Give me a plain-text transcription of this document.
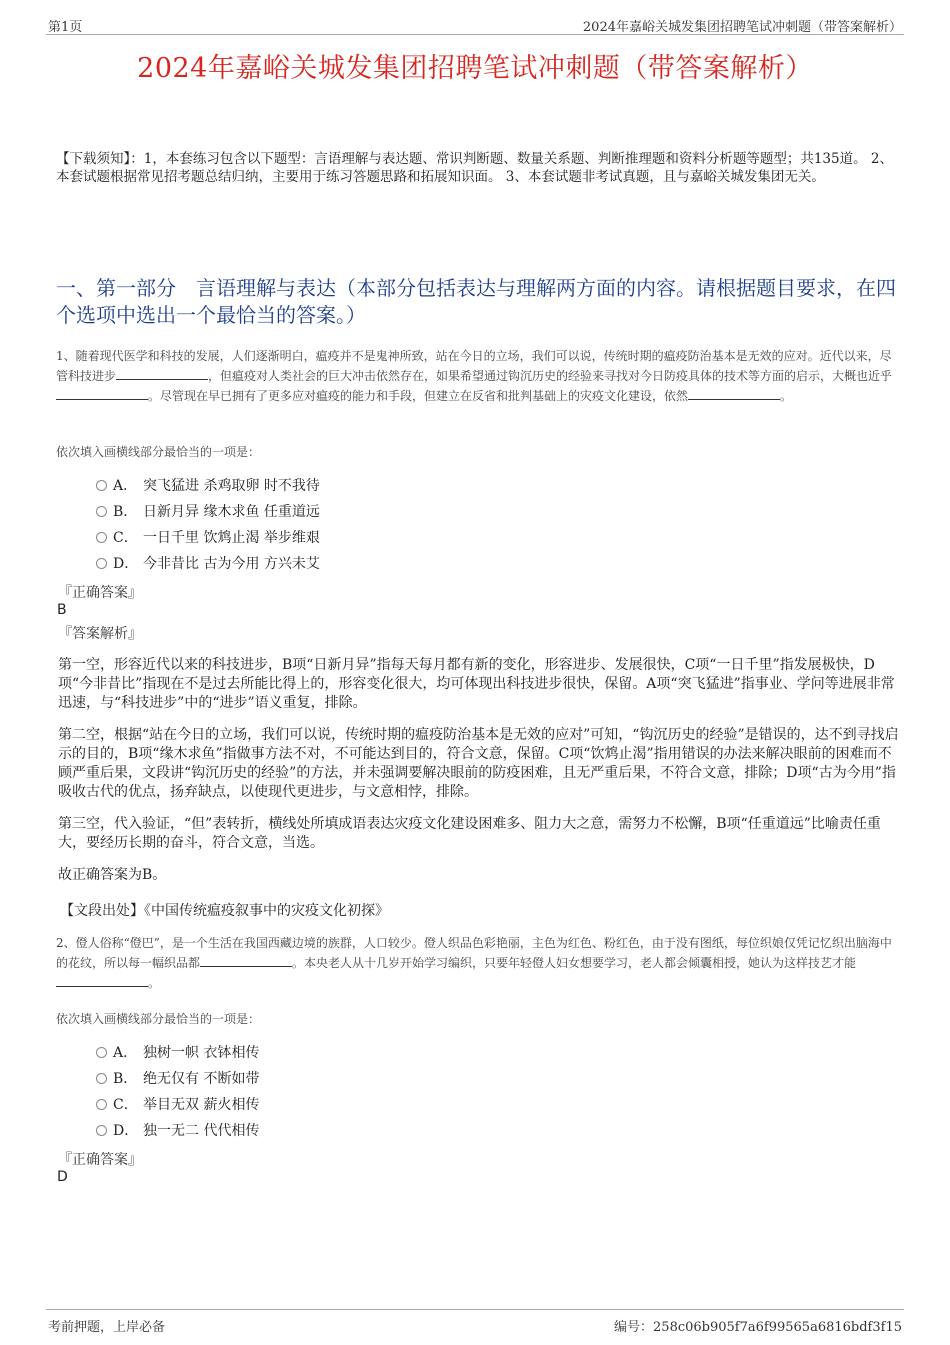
第1页	2024年嘉峪关城发集团招聘笔试冲刺题（带答案解析）
2024年嘉峪关城发集团招聘笔试冲刺题（带答案解析）
【下载须知】：1，本套练习包含以下题型：言语理解与表达题、常识判断题、数量关系题、判断推理题和资料分析题等题型；共135道。 2、本套试题根据常见招考题总结归纳，主要用于练习答题思路和拓展知识面。 3、本套试题非考试真题，且与嘉峪关城发集团无关。
一、第一部分　言语理解与表达（本部分包括表达与理解两方面的内容。请根据题目要求，在四个选项中选出一个最恰当的答案。）
1、随着现代医学和科技的发展，人们逐渐明白，瘟疫并不是鬼神所致，站在今日的立场，我们可以说，传统时期的瘟疫防治基本是无效的应对。近代以来，尽管科技进步	，但瘟疫对人类社会的巨大冲击依然存在，如果希望通过钩沉历史的经验来寻找对今日防疫具体的技术等方面的启示，大概也近乎。尽管现在早已拥有了更多应对瘟疫的能力和手段，但建立在反省和批判基础上的灾疫文化建设，依然	。
依次填入画横线部分最恰当的一项是：
A． 突飞猛进 杀鸡取卵 时不我待
B． 日新月异 缘木求鱼 任重道远
C． 一日千里 饮鸩止渴 举步维艰
D． 今非昔比 古为今用 方兴未艾
『正确答案』
B
『答案解析』

第一空，形容近代以来的科技进步，B项“日新月异”指每天每月都有新的变化，形容进步、发展很快，C项“一日千里”指发展极快，D项“今非昔比”指现在不是过去所能比得上的，形容变化很大，均可体现出科技进步很快，保留。A项“突飞猛进”指事业、学问等进展非常迅速，与“科技进步”中的“进步”语义重复，排除。

第二空，根据“站在今日的立场，我们可以说，传统时期的瘟疫防治基本是无效的应对”可知，“钩沉历史的经验”是错误的，达不到寻找启示的目的，B项“缘木求鱼”指做事方法不对，不可能达到目的，符合文意，保留。C项“饮鸩止渴”指用错误的办法来解决眼前的困难而不顾严重后果，文段讲“钩沉历史的经验”的方法，并未强调要解决眼前的防疫困难，且无严重后果，不符合文意，排除；D项“古为今用”指吸收古代的优点，扬弃缺点，以使现代更进步，与文意相悖，排除。

第三空，代入验证，“但”表转折，横线处所填成语表达灾疫文化建设困难多、阻力大之意，需努力不松懈，B项“任重道远”比喻责任重大，要经历长期的奋斗，符合文意，当选。

故正确答案为B。

【文段出处】《中国传统瘟疫叙事中的灾疫文化初探》
2、僜人俗称“僜巴”，是一个生活在我国西藏边境的族群，人口较少。僜人织品色彩艳丽，主色为红色、粉红色，由于没有图纸，每位织娘仅凭记忆织出脑海中的花纹，所以每一幅织品都	。本央老人从十几岁开始学习编织，只要年轻僜人妇女想要学习，老人都会倾囊相授，她认为这样技艺才能。
依次填入画横线部分最恰当的一项是：
A． 独树一帜 衣钵相传
B． 绝无仅有 不断如带
C． 举目无双 薪火相传
D． 独一无二 代代相传
『正确答案』
D
考前押题，上岸必备	编号：258c06b905f7a6f99565a6816bdf3f15
